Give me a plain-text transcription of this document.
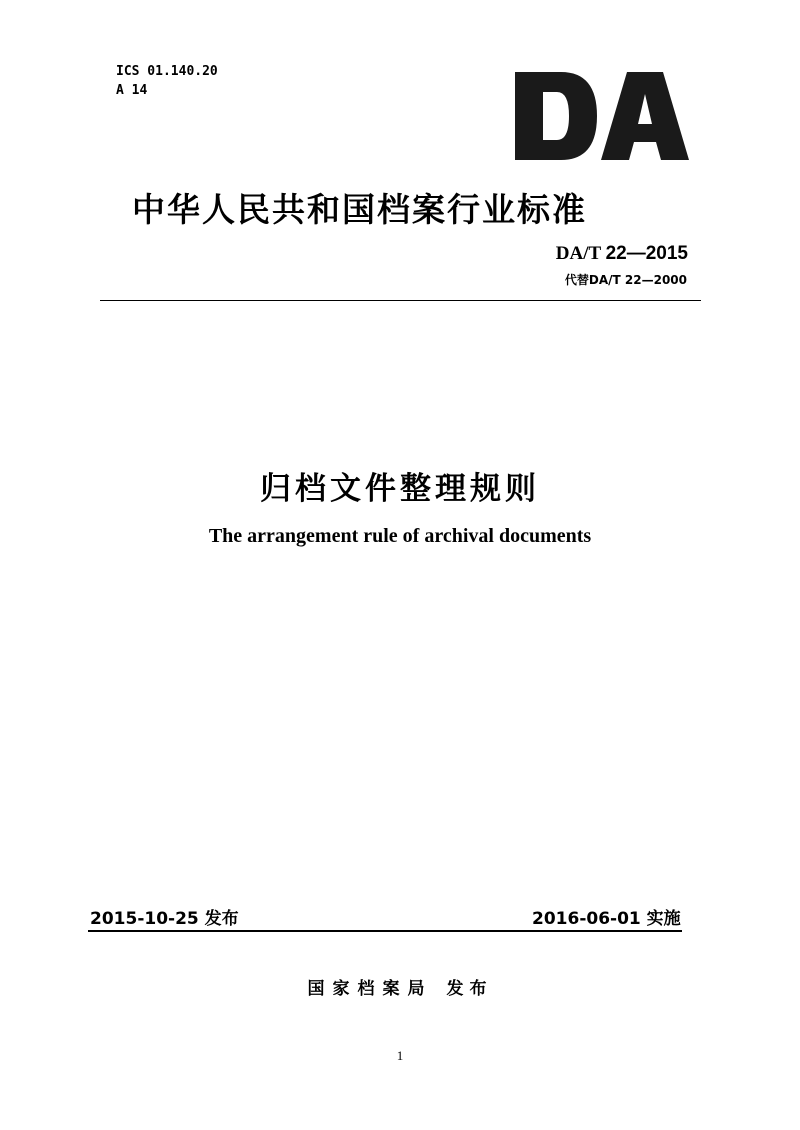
ICS 01.140.20
A 14
中华人民共和国档案行业标准
DA/T 22—2015
代替DA/T 22—2000
归档文件整理规则
The arrangement rule of archival documents
2015-10-25 发布	2016-06-01 实施
国家档案局 发布
1
